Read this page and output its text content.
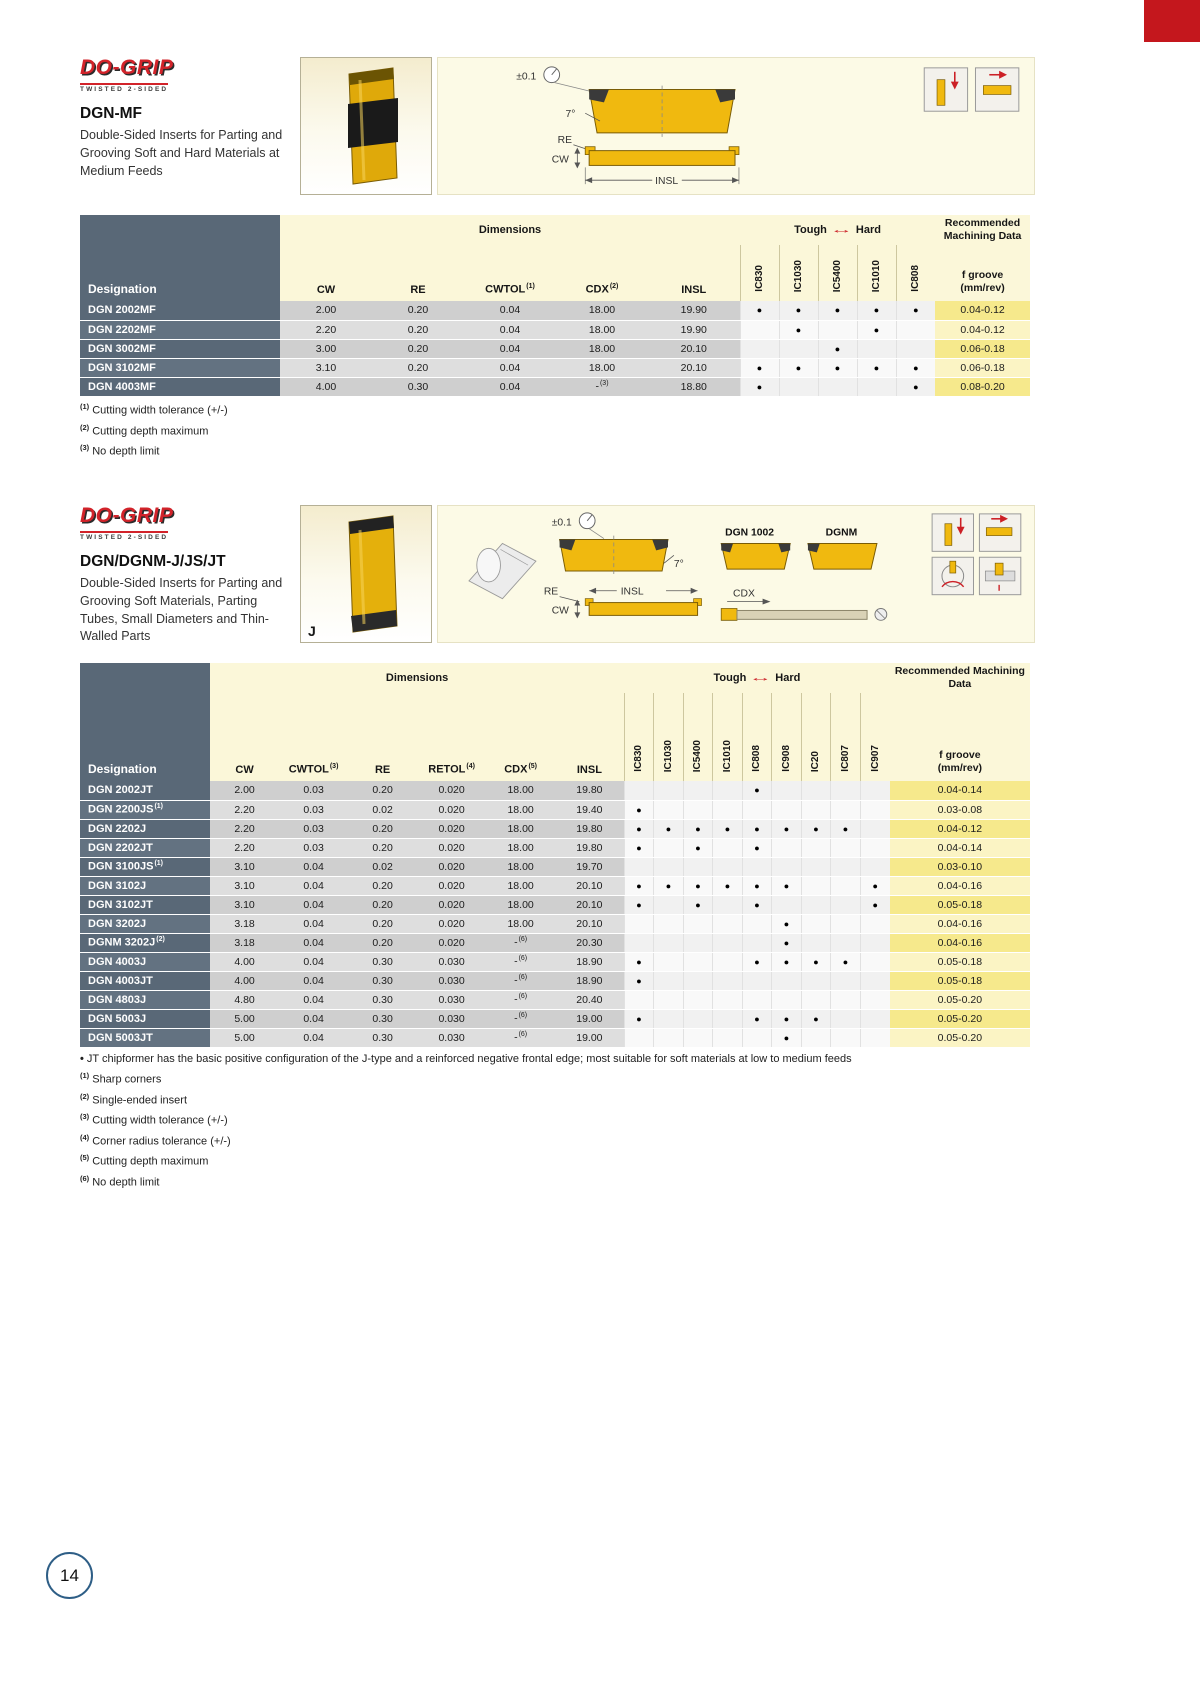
DO-GRIP
TWISTED 2-SIDED
DGN-MF
Double-Sided Inserts for Parting and Grooving Soft and Hard Materials at Medium Feeds
±0.1
7°
RE
CW
INSL
Designation	Dimensions					Tough ↔ Hard					Recommended Machining Data
	CW	RE	CWTOL$^{(1)}$	CDX$^{(2)}$	INSL	IC830	IC1030	IC5400	IC1010	IC808	f groove
(mm/rev)

DGN 2002MF	2.00	0.20	0.04	18.00	19.90	●	●	●	●	●	0.04-0.12
DGN 2202MF	2.20	0.20	0.04	18.00	19.90		●		●		0.04-0.12
DGN 3002MF	3.00	0.20	0.04	18.00	20.10			●			0.06-0.18
DGN 3102MF	3.10	0.20	0.04	18.00	20.10	●	●	●	●	●	0.06-0.18
DGN 4003MF	4.00	0.30	0.04	-$^{(3)}$	18.80	●				●	0.08-0.20
$^{(1)}$ Cutting width tolerance (+/-)
$^{(2)}$ Cutting depth maximum
$^{(3)}$ No depth limit
DO-GRIP
TWISTED 2-SIDED
DGN/DGNM-J/JS/JT
Double-Sided Inserts for Parting and Grooving Soft Materials, Parting Tubes, Small Diameters and Thin-Walled Parts	J
±0.1
7°
RE	INSL
CW
DGN 1002	DGNM
CDX
Designation	Dimensions						Tough ↔ Hard									Recommended Machining Data
	CW	CWTOL$^{(3)}$	RE	RETOL$^{(4)}$	CDX$^{(5)}$	INSL	IC830	IC1030	IC5400	IC1010	IC808	IC908	IC20	IC807	IC907	f groove
(mm/rev)

DGN 2002JT	2.00	0.03	0.20	0.020	18.00	19.80					●					0.04-0.14
DGN 2200JS$^{(1)}$	2.20	0.03	0.02	0.020	18.00	19.40	●									0.03-0.08
DGN 2202J	2.20	0.03	0.20	0.020	18.00	19.80	●	●	●	●	●	●	●	●		0.04-0.12
DGN 2202JT	2.20	0.03	0.20	0.020	18.00	19.80	●		●		●					0.04-0.14
DGN 3100JS$^{(1)}$	3.10	0.04	0.02	0.020	18.00	19.70										0.03-0.10
DGN 3102J	3.10	0.04	0.20	0.020	18.00	20.10	●	●	●	●	●	●			●	0.04-0.16
DGN 3102JT	3.10	0.04	0.20	0.020	18.00	20.10	●		●		●				●	0.05-0.18
DGN 3202J	3.18	0.04	0.20	0.020	18.00	20.10						●				0.04-0.16
DGNM $3202J^{(2)}$	3.18	0.04	0.20	0.020	-$^{(6)}$	20.30						●				0.04-0.16
DGN 4003J	4.00	0.04	0.30	0.030	-$^{(6)}$	18.90	●				●	●	●	●		0.05-0.18
DGN 4003JT	4.00	0.04	0.30	0.030	-$^{(6)}$	18.90	●									0.05-0.18
DGN 4803J	4.80	0.04	0.30	0.030	-$^{(6)}$	20.40										0.05-0.20
DGN 5003J	5.00	0.04	0.30	0.030	-$^{(6)}$	19.00	●				●	●	●			0.05-0.20
DGN 5003JT	5.00	0.04	0.30	0.030	-$^{(6)}$	19.00						●				0.05-0.20
• JT chipformer has the basic positive configuration of the J-type and a reinforced negative frontal edge; most suitable for soft materials at low to medium feeds
$^{(1)}$ Sharp corners
$^{(2)}$ Single-ended insert
$^{(3)}$ Cutting width tolerance (+/-)
$^{(4)}$ Corner radius tolerance (+/-)
$^{(5)}$ Cutting depth maximum
$^{(6)}$ No depth limit
14
